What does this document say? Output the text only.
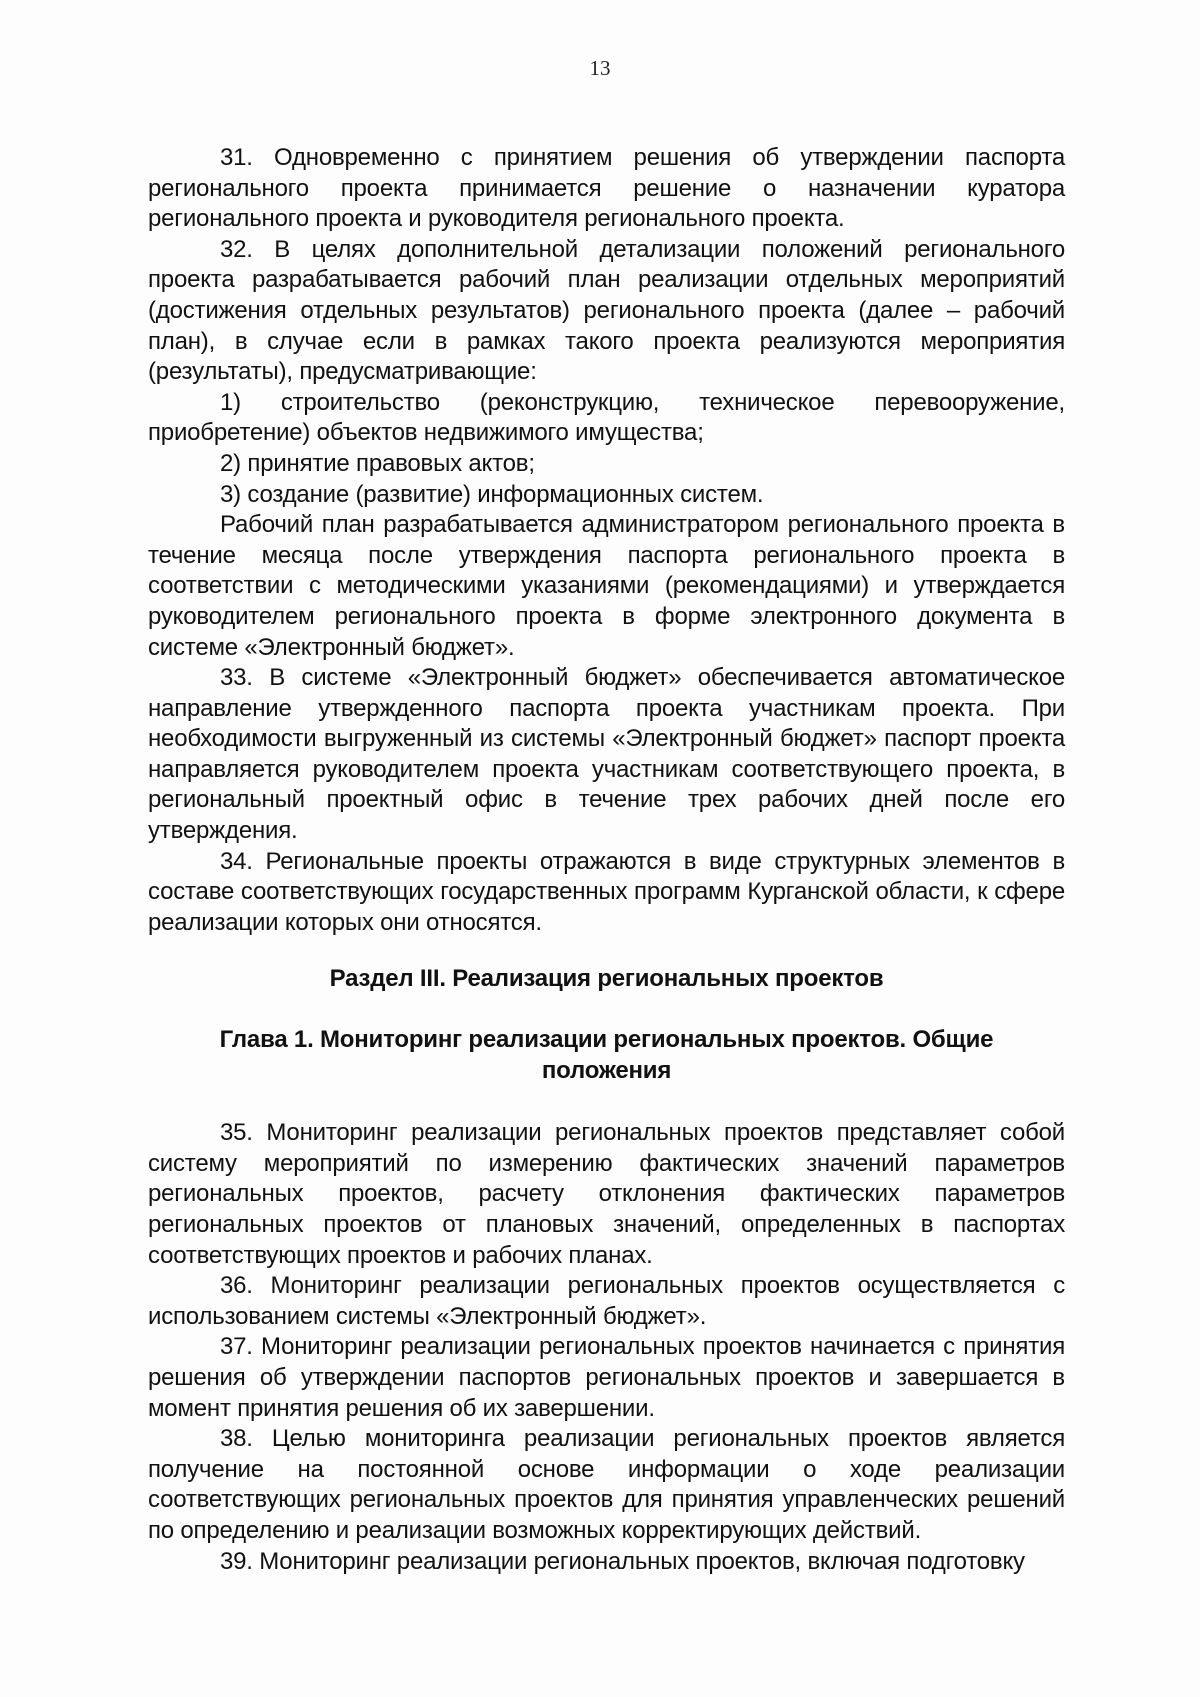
13

31. Одновременно с принятием решения об утверждении паспорта регионального проекта принимается решение о назначении куратора регионального проекта и руководителя регионального проекта.

32. В целях дополнительной детализации положений регионального проекта разрабатывается рабочий план реализации отдельных мероприятий (достижения отдельных результатов) регионального проекта (далее – рабочий план), в случае если в рамках такого проекта реализуются мероприятия (результаты), предусматривающие:

1) строительство (реконструкцию, техническое перевооружение, приобретение) объектов недвижимого имущества;

2) принятие правовых актов;

3) создание (развитие) информационных систем.

Рабочий план разрабатывается администратором регионального проекта в течение месяца после утверждения паспорта регионального проекта в соответствии с методическими указаниями (рекомендациями) и утверждается руководителем регионального проекта в форме электронного документа в системе «Электронный бюджет».

33. В системе «Электронный бюджет» обеспечивается автоматическое направление утвержденного паспорта проекта участникам проекта. При необходимости выгруженный из системы «Электронный бюджет» паспорт проекта направляется руководителем проекта участникам соответствующего проекта, в региональный проектный офис в течение трех рабочих дней после его утверждения.

34. Региональные проекты отражаются в виде структурных элементов в составе соответствующих государственных программ Курганской области, к сфере реализации которых они относятся.

Раздел III. Реализация региональных проектов

Глава 1. Мониторинг реализации региональных проектов. Общие положения

35. Мониторинг реализации региональных проектов представляет собой систему мероприятий по измерению фактических значений параметров региональных проектов, расчету отклонения фактических параметров региональных проектов от плановых значений, определенных в паспортах соответствующих проектов и рабочих планах.

36. Мониторинг реализации региональных проектов осуществляется с использованием системы «Электронный бюджет».

37. Мониторинг реализации региональных проектов начинается с принятия решения об утверждении паспортов региональных проектов и завершается в момент принятия решения об их завершении.

38. Целью мониторинга реализации региональных проектов является получение на постоянной основе информации о ходе реализации соответствующих региональных проектов для принятия управленческих решений по определению и реализации возможных корректирующих действий.

39. Мониторинг реализации региональных проектов, включая подготовку
